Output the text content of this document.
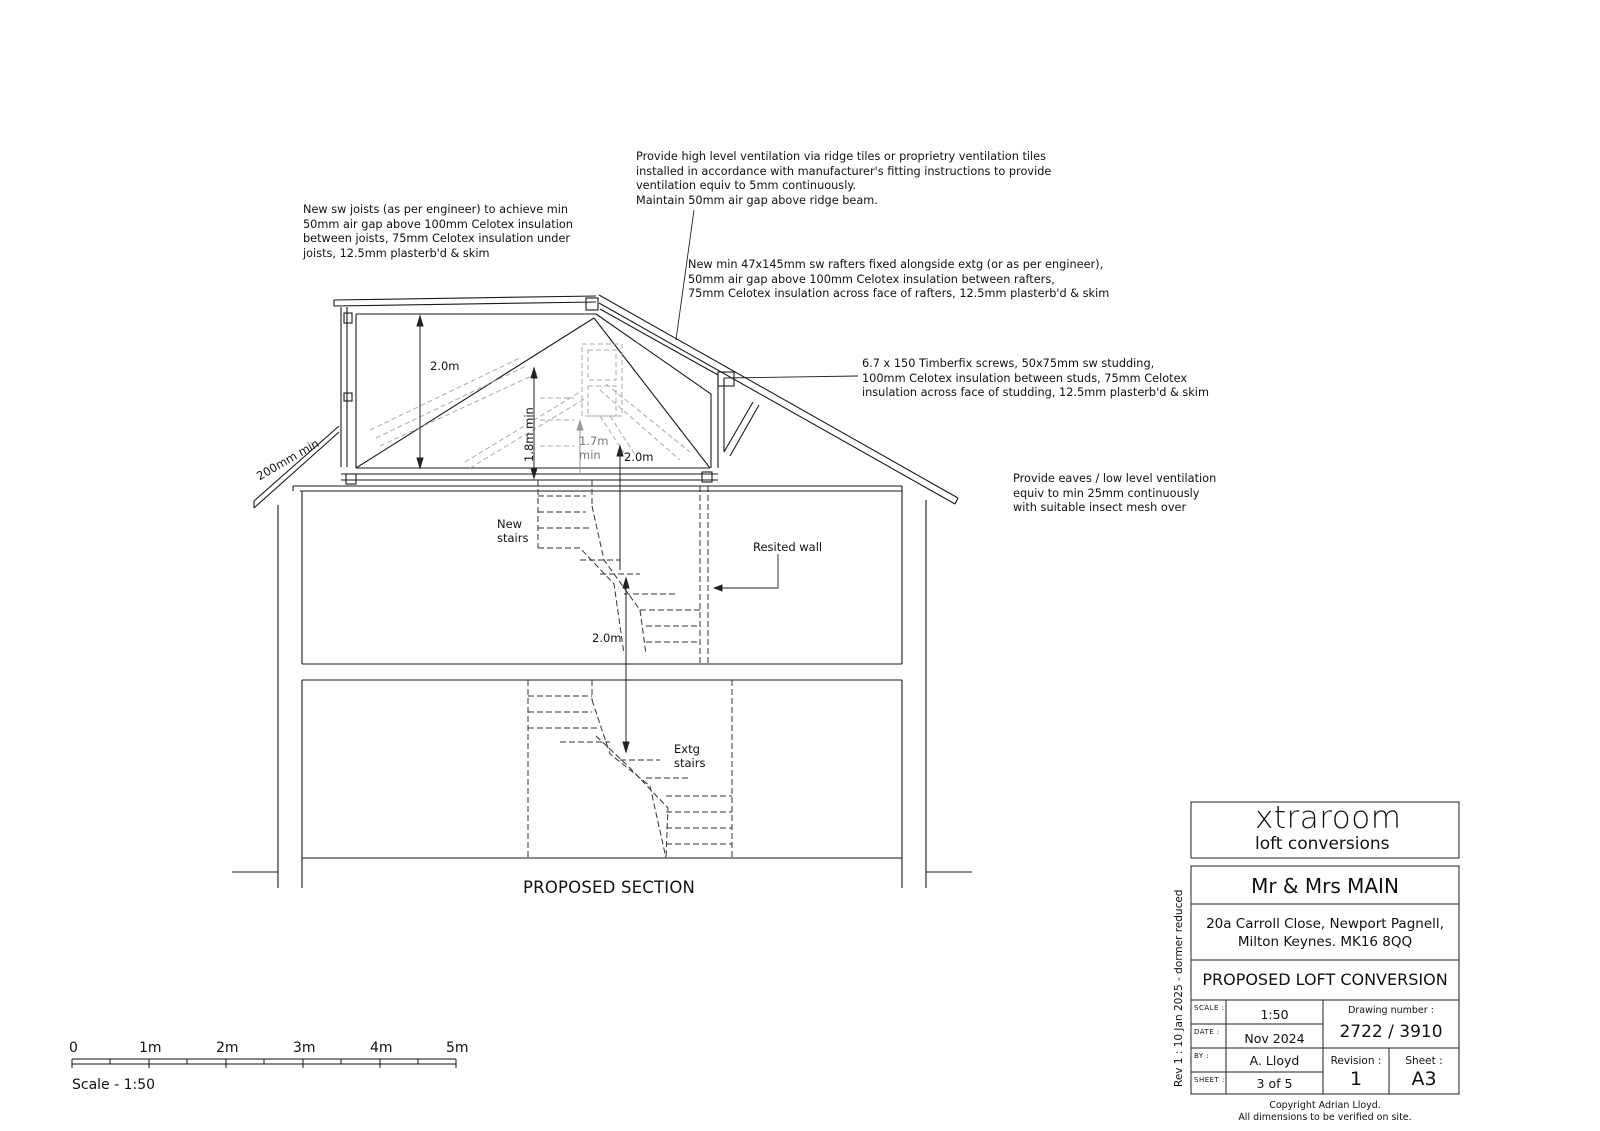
Provide high level ventilation via ridge tiles or proprietry ventilation tiles
installed in accordance with manufacturer's fitting instructions to provide
ventilation equiv to 5mm continuously.
Maintain 50mm air gap above ridge beam.
New sw joists (as per engineer) to achieve min
50mm air gap above 100mm Celotex insulation
between joists, 75mm Celotex insulation under
joists, 12.5mm plasterb'd & skim
New min 47x145mm sw rafters fixed alongside extg (or as per engineer),
50mm air gap above 100mm Celotex insulation between rafters,
75mm Celotex insulation across face of rafters, 12.5mm plasterb'd & skim
6.7 x 150 Timberfix screws, 50x75mm sw studding,
100mm Celotex insulation between studs, 75mm Celotex
insulation across face of studding, 12.5mm plasterb'd & skim
Provide eaves / low level ventilation
equiv to min 25mm continuously
with suitable insect mesh over
2.0m
1.8m min	1.7m
min	2.0m
2.0m
200mm min
New
stairs
Extg
stairs
Resited wall
PROPOSED SECTION
0	1m	2m	3m	4m	5m
Scale - 1:50
xtraroom
loft conversions
Mr & Mrs MAIN
20a Carroll Close, Newport Pagnell,
Milton Keynes. MK16 8QQ
PROPOSED LOFT CONVERSION
SCALE :	1:50
DATE :	Nov 2024
BY :	A. Lloyd
SHEET :	3 of 5
Drawing number :
2722 / 3910
Revision :
1
Sheet :
A3
Rev 1 : 10 Jan 2025 - dormer reduced
Copyright Adrian Lloyd.
All dimensions to be verified on site.
